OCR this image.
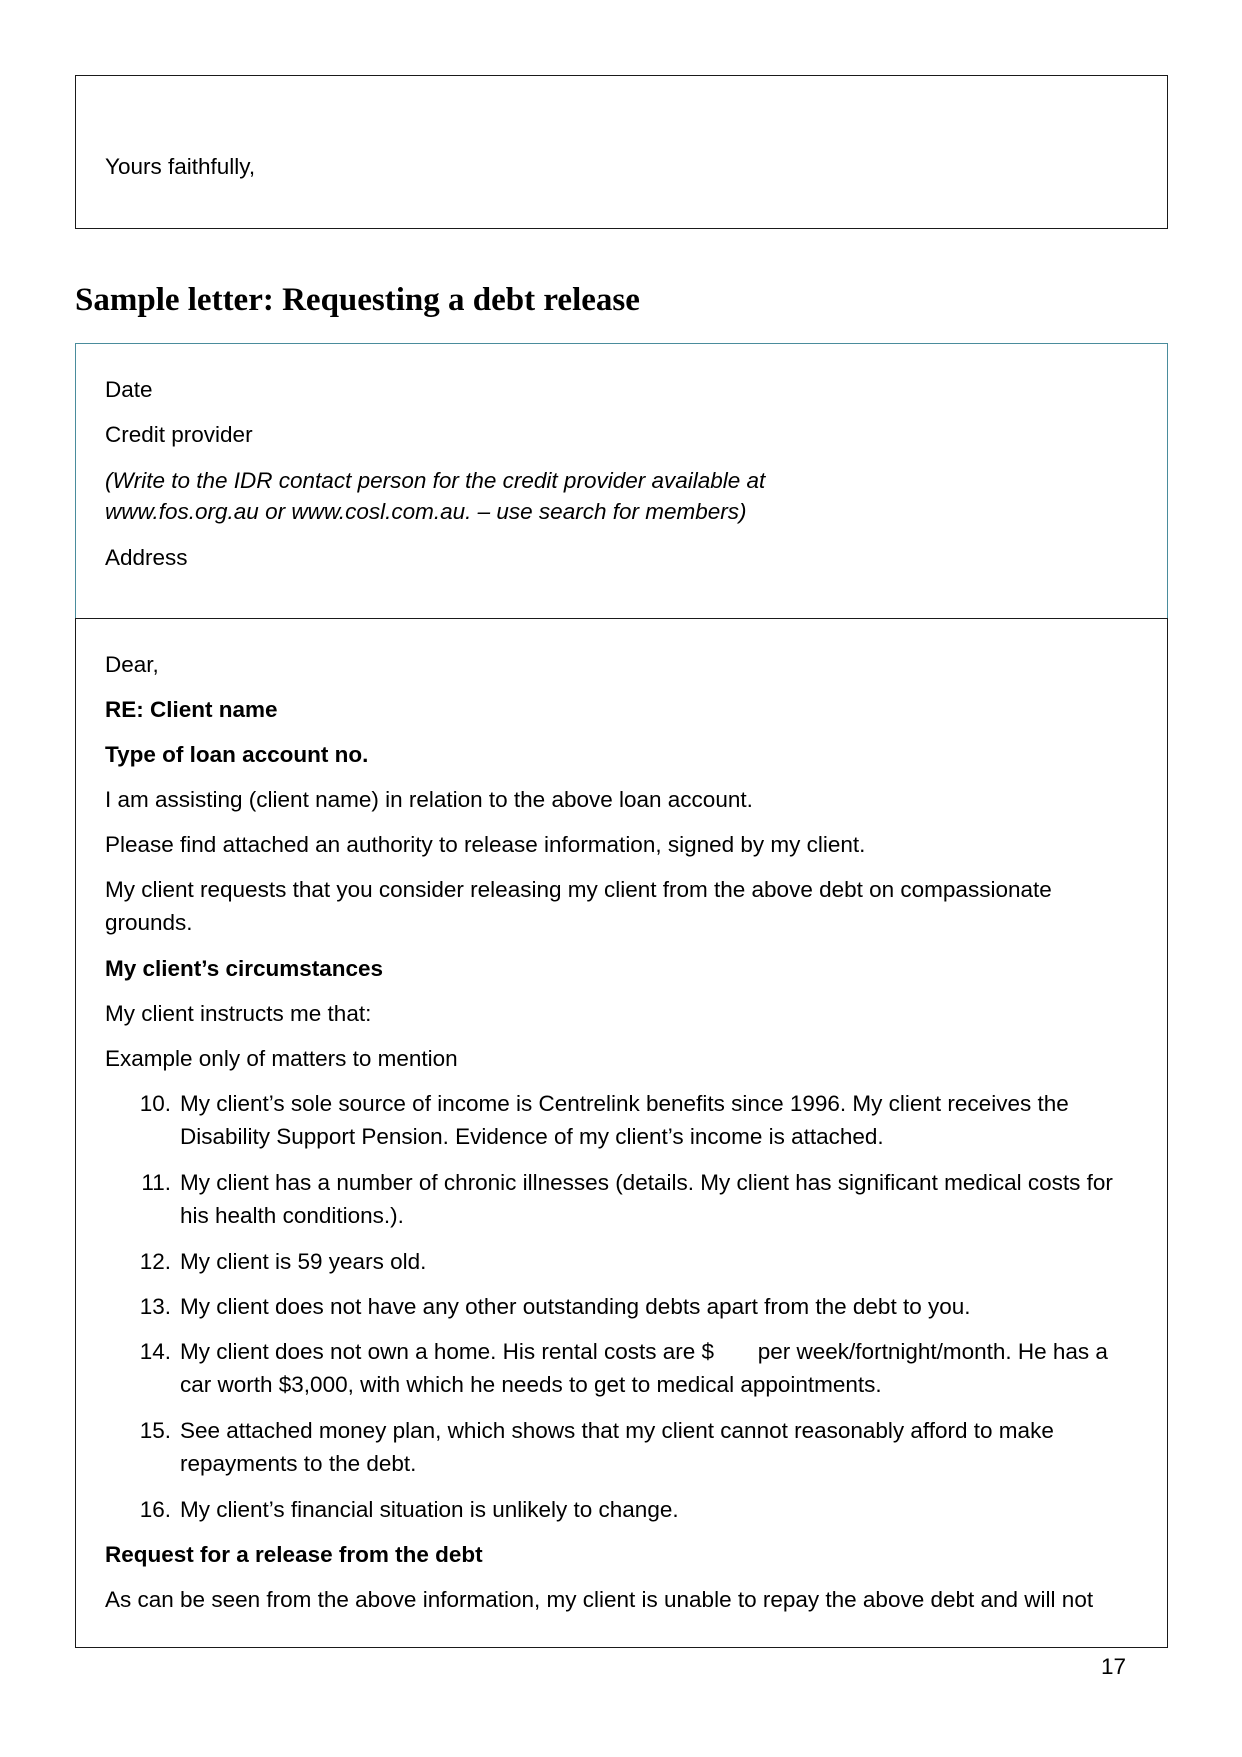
Yours faithfully,

Sample letter: Requesting a debt release

Date

Credit provider

(Write to the IDR contact person for the credit provider available at

www.fos.org.au or www.cosl.com.au. – use search for members)

Address

Dear,

RE: Client name

Type of loan account no.

I am assisting (client name) in relation to the above loan account.

Please find attached an authority to release information, signed by my client.

My client requests that you consider releasing my client from the above debt on compassionate

grounds.

My client’s circumstances

My client instructs me that:

Example only of matters to mention

10. My client’s sole source of income is Centrelink benefits since 1996. My client receives the
Disability Support Pension. Evidence of my client’s income is attached.
11. My client has a number of chronic illnesses (details. My client has significant medical costs for
his health conditions.).
12. My client is 59 years old.
13. My client does not have any other outstanding debts apart from the debt to you.
14. My client does not own a home. His rental costs are $       per week/fortnight/month. He has a
car worth $3,000, with which he needs to get to medical appointments.
15. See attached money plan, which shows that my client cannot reasonably afford to make
repayments to the debt.
16. My client’s financial situation is unlikely to change.

Request for a release from the debt

As can be seen from the above information, my client is unable to repay the above debt and will not

17
